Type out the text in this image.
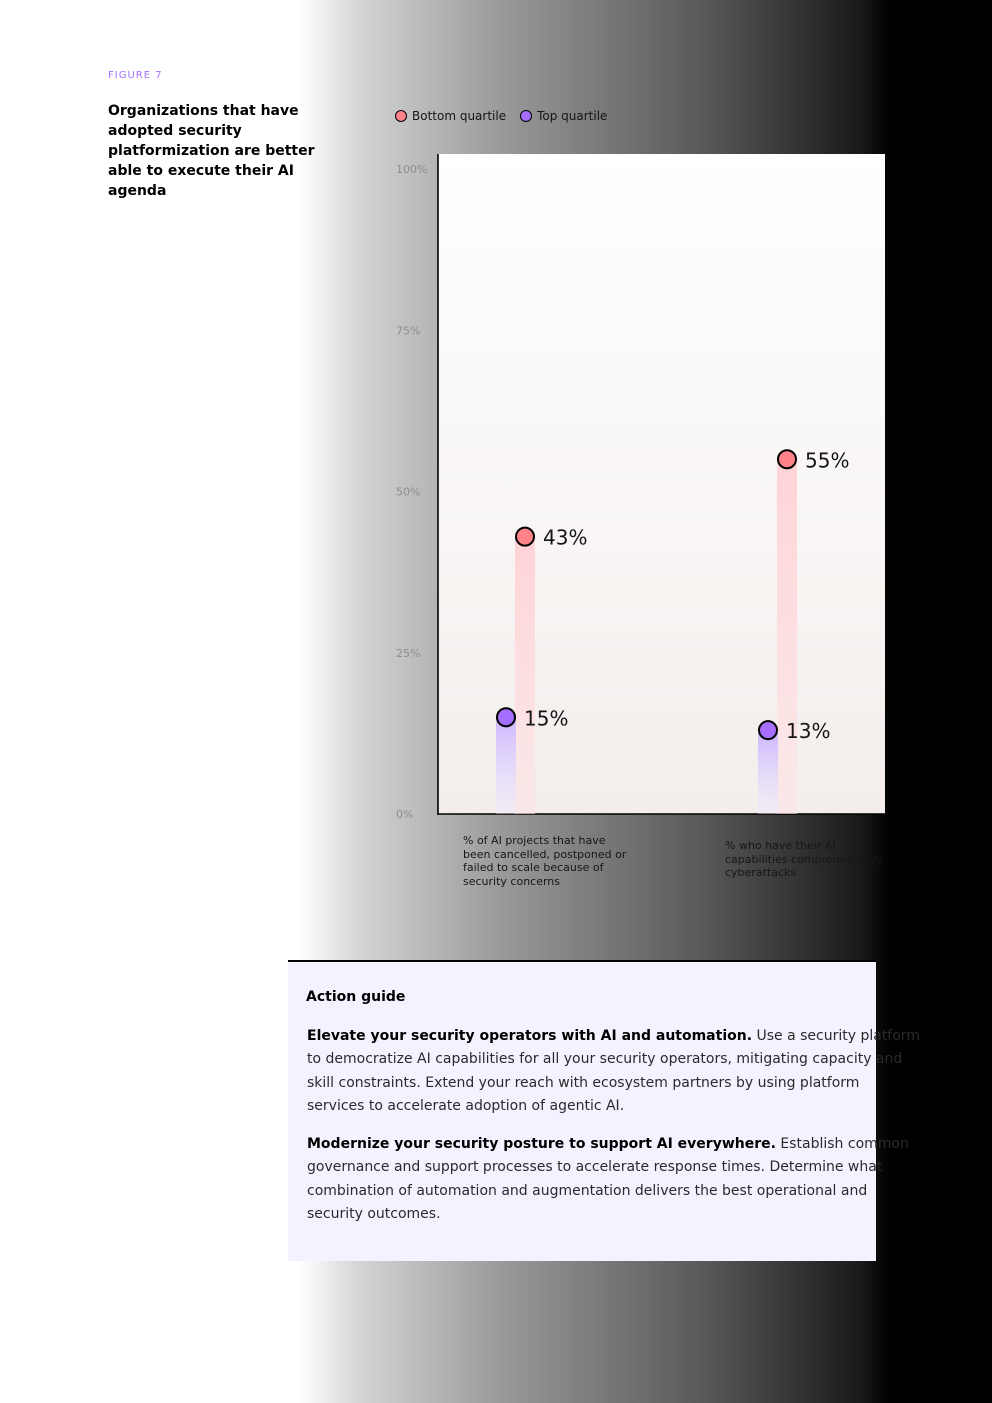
FIGURE 7
Organizations that have adopted security platformization are better able to execute their AI agenda
Bottom quartile	Top quartile
100%
75%
50%
25%
0%
43%
55%
15%
13%
% of AI projects that have been cancelled, postponed or failed to scale because of security concerns
% who have their AI capabilities compromised by cyberattacks
Action guide
Elevate your security operators with AI and automation. Use a security platform
to democratize AI capabilities for all your security operators, mitigating capacity and
skill constraints. Extend your reach with ecosystem partners by using platform
services to accelerate adoption of agentic AI.
Modernize your security posture to support AI everywhere. Establish common
governance and support processes to accelerate response times. Determine what
combination of automation and augmentation delivers the best operational and
security outcomes.
